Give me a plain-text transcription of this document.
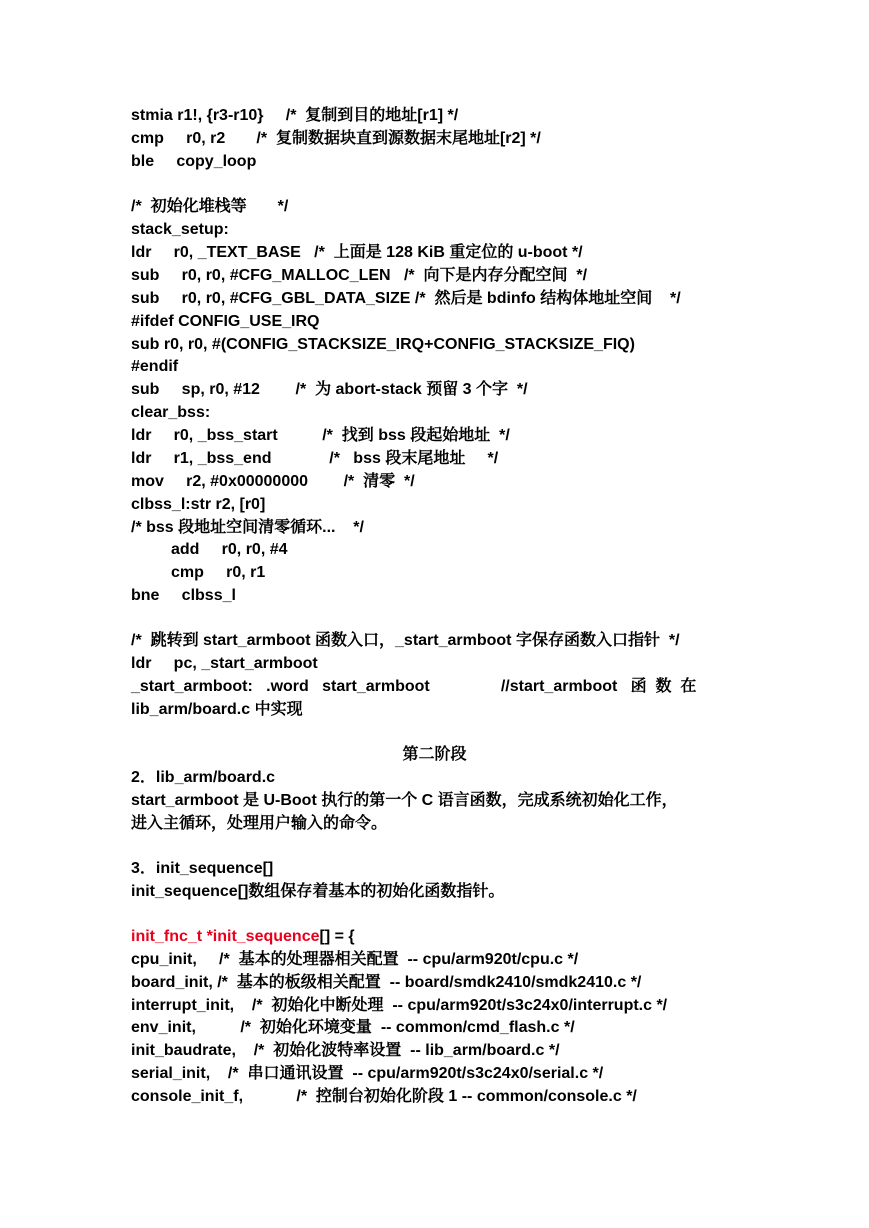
stmia r1!, {r3-r10}     /*  复制到目的地址[r1] */
cmp     r0, r2       /*  复制数据块直到源数据末尾地址[r2] */
ble     copy_loop
/*  初始化堆栈等       */
stack_setup:
ldr     r0, _TEXT_BASE   /*  上面是 128 KiB 重定位的 u-boot */
sub     r0, r0, #CFG_MALLOC_LEN   /*  向下是内存分配空间  */
sub     r0, r0, #CFG_GBL_DATA_SIZE /*  然后是 bdinfo 结构体地址空间    */
#ifdef CONFIG_USE_IRQ
sub r0, r0, #(CONFIG_STACKSIZE_IRQ+CONFIG_STACKSIZE_FIQ)
#endif
sub     sp, r0, #12        /*  为 abort-stack 预留 3 个字  */
clear_bss:
ldr     r0, _bss_start          /*  找到 bss 段起始地址  */
ldr     r1, _bss_end             /*   bss 段末尾地址     */
mov     r2, #0x00000000        /*  清零  */
clbss_l:str r2, [r0]
/* bss 段地址空间清零循环...    */
add     r0, r0, #4
cmp     r0, r1
bne     clbss_l
/*  跳转到 start_armboot 函数入口，_start_armboot 字保存函数入口指针  */
ldr     pc, _start_armboot
_start_armboot:   .word   start_armboot                //start_armboot   函  数  在
lib_arm/board.c 中实现
第二阶段
2．lib_arm/board.c
start_armboot 是 U-Boot 执行的第一个 C 语言函数，完成系统初始化工作，
进入主循环，处理用户输入的命令。
3．init_sequence[]
init_sequence[]数组保存着基本的初始化函数指针。
init_fnc_t *init_sequence[] = {
cpu_init,     /*  基本的处理器相关配置  -- cpu/arm920t/cpu.c */
board_init, /*  基本的板级相关配置  -- board/smdk2410/smdk2410.c */
interrupt_init,    /*  初始化中断处理  -- cpu/arm920t/s3c24x0/interrupt.c */
env_init,          /*  初始化环境变量  -- common/cmd_flash.c */
init_baudrate,    /*  初始化波特率设置  -- lib_arm/board.c */
serial_init,    /*  串口通讯设置  -- cpu/arm920t/s3c24x0/serial.c */
console_init_f,            /*  控制台初始化阶段 1 -- common/console.c */
